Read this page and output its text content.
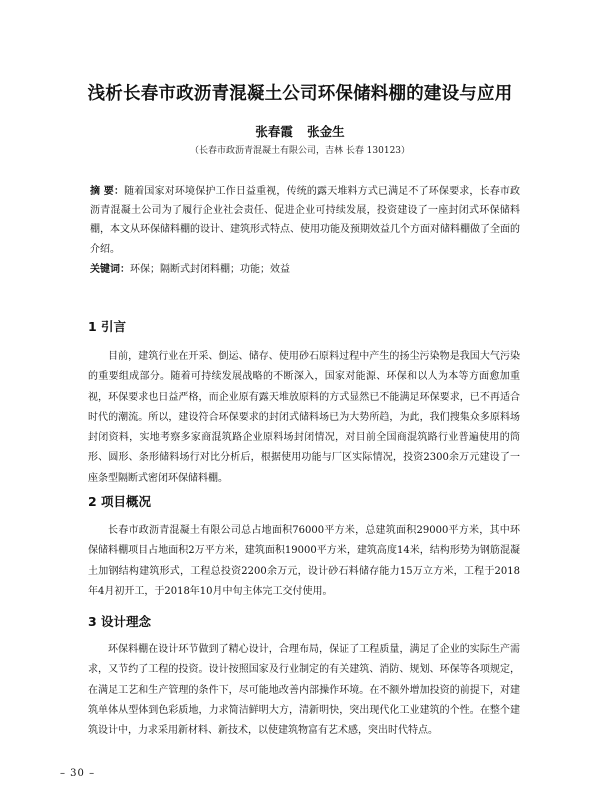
浅析长春市政沥青混凝土公司环保储料棚的建设与应用
张春霞 张金生
（长春市政沥青混凝土有限公司，吉林 长春 130123）

摘 要：随着国家对环境保护工作日益重视，传统的露天堆料方式已满足不了环保要求，长春市政沥青混凝土公司为了履行企业社会责任、促进企业可持续发展，投资建设了一座封闭式环保储料棚，本文从环保储料棚的设计、建筑形式特点、使用功能及预期效益几个方面对储料棚做了全面的介绍。

关键词：环保；隔断式封闭料棚；功能；效益

1 引言

目前，建筑行业在开采、倒运、储存、使用砂石原料过程中产生的扬尘污染物是我国大气污染的重要组成部分。随着可持续发展战略的不断深入，国家对能源、环保和以人为本等方面愈加重视，环保要求也日益严格，而企业原有露天堆放原料的方式显然已不能满足环保要求，已不再适合时代的潮流。所以，建设符合环保要求的封闭式储料场已为大势所趋，为此，我们搜集众多原料场封闭资料，实地考察多家商混筑路企业原料场封闭情况，对目前全国商混筑路行业普遍使用的筒形、圆形、条形储料场行对比分析后，根据使用功能与厂区实际情况，投资2300余万元建设了一座条型隔断式密闭环保储料棚。

2 项目概况

长春市政沥青混凝土有限公司总占地面积76000平方米，总建筑面积29000平方米，其中环保储料棚项目占地面积2万平方米，建筑面积19000平方米，建筑高度14米，结构形势为钢筋混凝土加钢结构建筑形式，工程总投资2200余万元，设计砂石料储存能力15万立方米，工程于2018年4月初开工，于2018年10月中旬主体完工交付使用。

3 设计理念

环保料棚在设计环节做到了精心设计，合理布局，保证了工程质量，满足了企业的实际生产需求，又节约了工程的投资。设计按照国家及行业制定的有关建筑、消防、规划、环保等各项规定，在满足工艺和生产管理的条件下，尽可能地改善内部操作环境。在不额外增加投资的前提下，对建筑单体从型体到色彩质地，力求简洁鲜明大方，清新明快，突出现代化工业建筑的个性。在整个建筑设计中，力求采用新材料、新技术，以使建筑物富有艺术感，突出时代特点。

– 30 –
